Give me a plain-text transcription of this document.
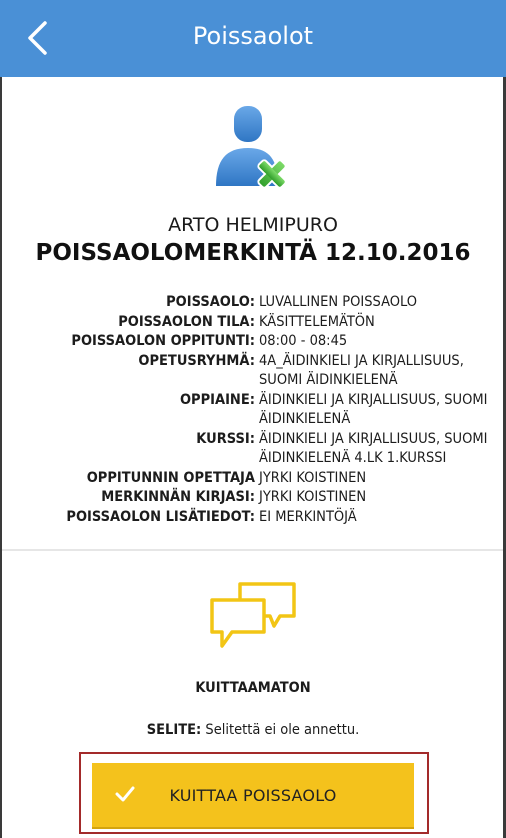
Poissaolot
ARTO HELMIPURO
POISSAOLOMERKINTÄ 12.10.2016
POISSAOLO: LUVALLINEN POISSAOLO
POISSAOLON TILA: KÄSITTELEMÄTÖN
POISSAOLON OPPITUNTI: 08:00 - 08:45
OPETUSRYHMÄ: 4A_ÄIDINKIELI JA KIRJALLISUUS, SUOMI ÄIDINKIELENÄ
OPPIAINE: ÄIDINKIELI JA KIRJALLISUUS, SUOMI ÄIDINKIELENÄ
KURSSI: ÄIDINKIELI JA KIRJALLISUUS, SUOMI ÄIDINKIELENÄ 4.LK 1.KURSSI
OPPITUNNIN OPETTAJA JYRKI KOISTINEN
MERKINNÄN KIRJASI: JYRKI KOISTINEN
POISSAOLON LISÄTIEDOT: EI MERKINTÖJÄ
KUITTAAMATON
SELITE: Selitettä ei ole annettu.
KUITTAA POISSAOLO
